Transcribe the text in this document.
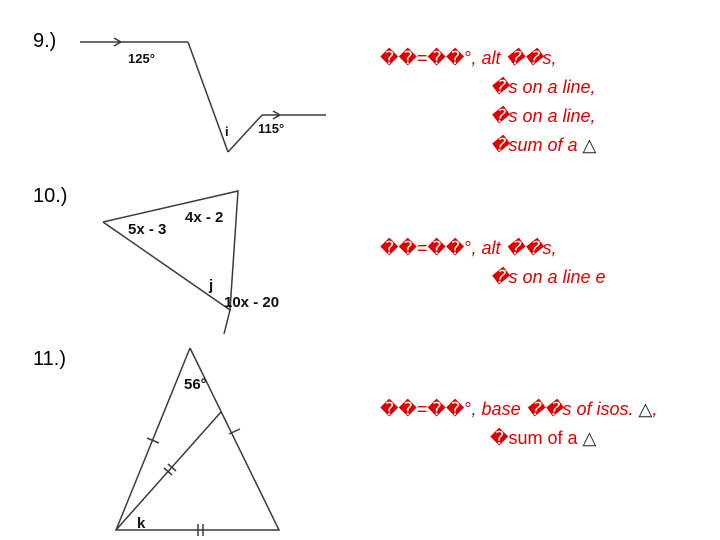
9.)
10.)
11.)
125°
115°
i
5x - 3
4x - 2
j
10x - 20
56°
k
��=��°, alt ��s,
�s on a line,
�s on a line,
�sum of a △
��=��°, alt ��s,
�s on a line e
��=��°, base ��s of isos. △,
�sum of a △
